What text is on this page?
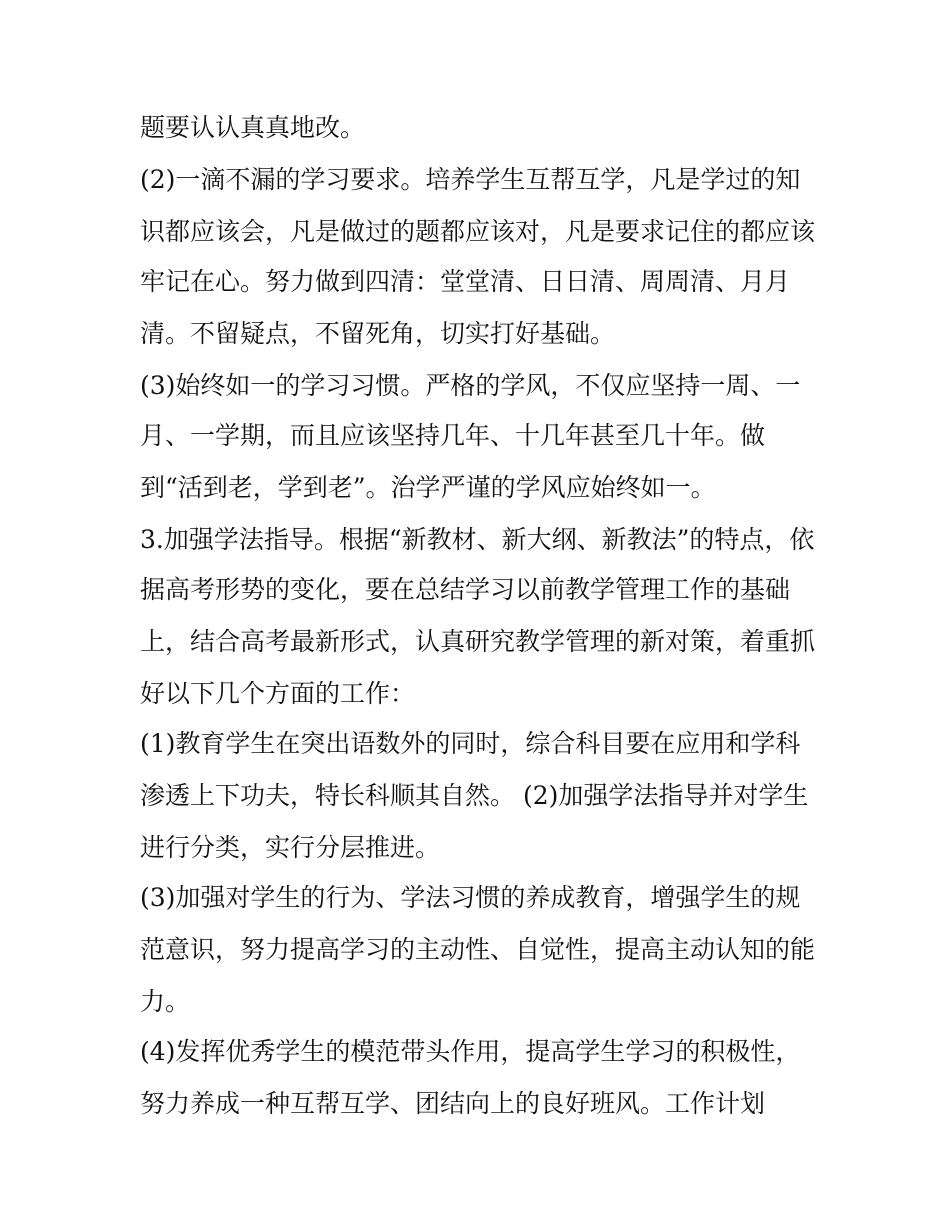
题要认认真真地改。
(2)一滴不漏的学习要求。培养学生互帮互学，凡是学过的知
识都应该会，凡是做过的题都应该对，凡是要求记住的都应该
牢记在心。努力做到四清：堂堂清、日日清、周周清、月月
清。不留疑点，不留死角，切实打好基础。
(3)始终如一的学习习惯。严格的学风，不仅应坚持一周、一
月、一学期，而且应该坚持几年、十几年甚至几十年。做
到“活到老，学到老”。治学严谨的学风应始终如一。
3.加强学法指导。根据“新教材、新大纲、新教法”的特点，依
据高考形势的变化，要在总结学习以前教学管理工作的基础
上，结合高考最新形式，认真研究教学管理的新对策，着重抓
好以下几个方面的工作：
(1)教育学生在突出语数外的同时，综合科目要在应用和学科
渗透上下功夫，特长科顺其自然。 (2)加强学法指导并对学生
进行分类，实行分层推进。
(3)加强对学生的行为、学法习惯的养成教育，增强学生的规
范意识，努力提高学习的主动性、自觉性，提高主动认知的能
力。
(4)发挥优秀学生的模范带头作用，提高学生学习的积极性，
努力养成一种互帮互学、团结向上的良好班风。工作计划
